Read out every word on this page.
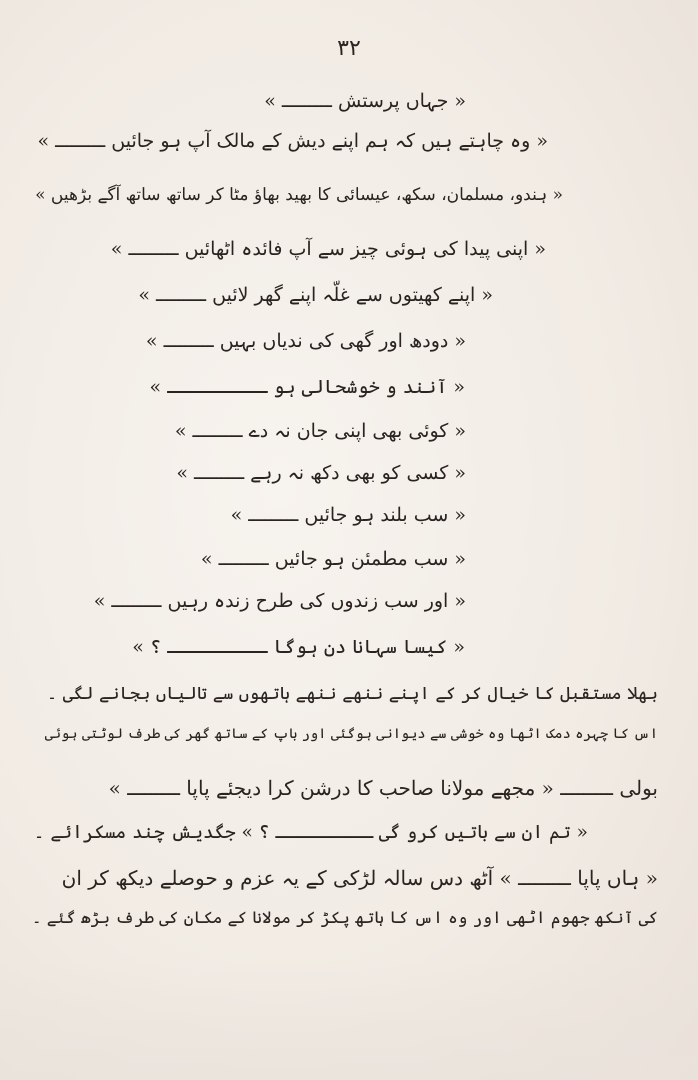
۳۲
« جہاں پرستش ـــــــــ »
« وہ چاہتے ہیں کہ ہم اپنے دیش کے مالک آپ ہو جائیں ـــــــــ »
« ہندو، مسلمان، سکھ، عیسائی کا بھید بھاؤ مٹا کر ساتھ ساتھ آگے بڑھیں »
« اپنی پیدا کی ہوئی چیز سے آپ فائدہ اٹھائیں ـــــــــ »
« اپنے کھیتوں سے غلّہ اپنے گھر لائیں ـــــــــ »
« دودھ اور گھی کی ندیاں بہیں ـــــــــ »
« آنند و خوشحالی ہو ـــــــــ »
« کوئی بھی اپنی جان نہ دے ـــــــــ »
« کسی کو بھی دکھ نہ رہے ـــــــــ »
« سب بلند ہو جائیں ـــــــــ »
« سب مطمئن ہو جائیں ـــــــــ »
« اور سب زندوں کی طرح زندہ رہیں ـــــــــ »
« کیسا سہانا دن ہوگا ـــــــــ ؟ »
بھلا مستقبل کا خیال کر کے اپنے ننھے ننھے ہاتھوں سے تالیاں بجانے لگی ۔
اس کا چہرہ دمک اٹھا وہ خوشی سے دیوانی ہوگئی اور باپ کے ساتھ گھر کی طرف لوٹتی ہوئی
بولی ـــــــــ « مجھے مولانا صاحب کا درشن کرا دیجئے پاپا ـــــــــ »
« تم ان سے باتیں کرو گی ـــــــــ ؟ » جگدیش چند مسکرائے ۔
« ہاں پاپا ـــــــــ » آٹھ دس سالہ لڑکی کے یہ عزم و حوصلے دیکھ کر ان
کی آنکھ جھوم اٹھی اور وہ اس کا ہاتھ پکڑ کر مولانا کے مکان کی طرف بڑھ گئے ۔
